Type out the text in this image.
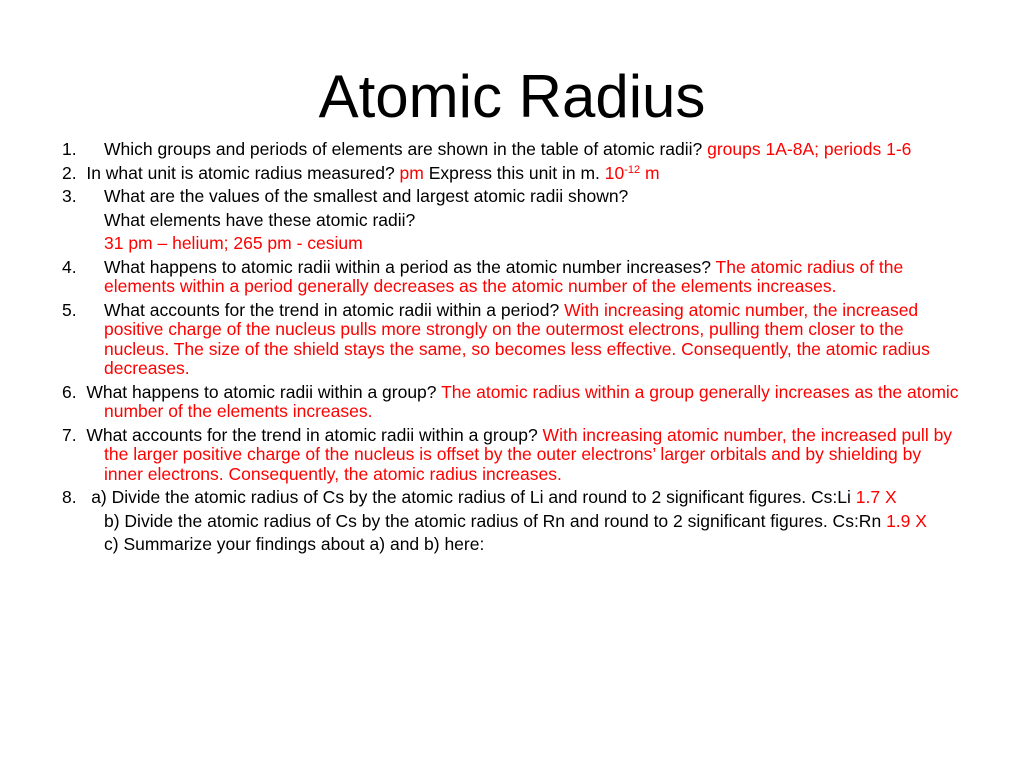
Atomic Radius
1.	Which groups and periods of elements are shown in the table of atomic radii? groups 1A-8A; periods 1-6
2.  In what unit is atomic radius measured? pm Express this unit in m. $10^{-12}$ m
3.	What are the values of the smallest and largest atomic radii shown?
What elements have these atomic radii?
31 pm – helium; 265 pm - cesium
4.	What happens to atomic radii within a period as the atomic number increases? The atomic radius of the elements within a period generally decreases as the atomic number of the elements increases.
5.	What accounts for the trend in atomic radii within a period? With increasing atomic number, the increased positive charge of the nucleus pulls more strongly on the outermost electrons, pulling them closer to the nucleus. The size of the shield stays the same, so becomes less effective. Consequently, the atomic radius decreases.
6.  What happens to atomic radii within a group? The atomic radius within a group generally increases as the atomic number of the elements increases.
7.  What accounts for the trend in atomic radii within a group? With increasing atomic number, the increased pull by the larger positive charge of the nucleus is offset by the outer electrons’ larger orbitals and by shielding by inner electrons. Consequently, the atomic radius increases.
8.   a) Divide the atomic radius of Cs by the atomic radius of Li and round to 2 significant figures. Cs:Li 1.7 X
b) Divide the atomic radius of Cs by the atomic radius of Rn and round to 2 significant figures. Cs:Rn 1.9 X
c) Summarize your findings about a) and b) here:
